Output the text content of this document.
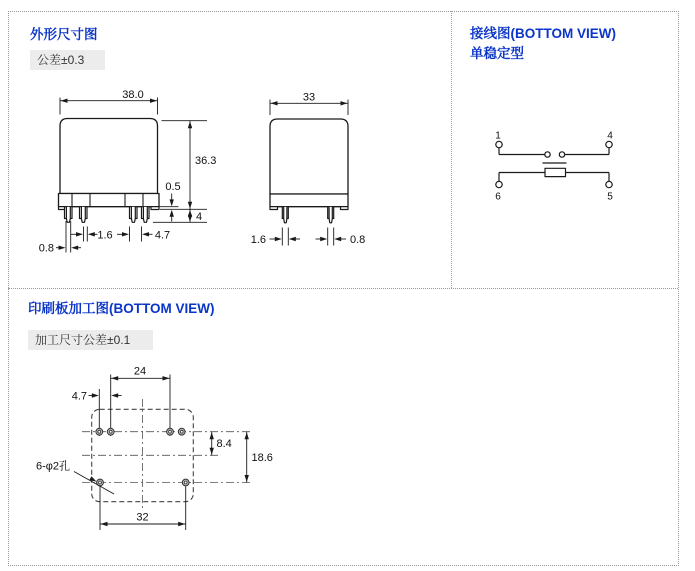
外形尺寸图
公差±0.3
38.0
36.3
0.5
4
1.6	4.7
0.8
33
1.6	0.8
接线图(BOTTOM VIEW)
单稳定型
1	4
6	5
印刷板加工图(BOTTOM VIEW)
加工尺寸公差±0.1
24
4.7
8.4
18.6
32
6-φ2孔
